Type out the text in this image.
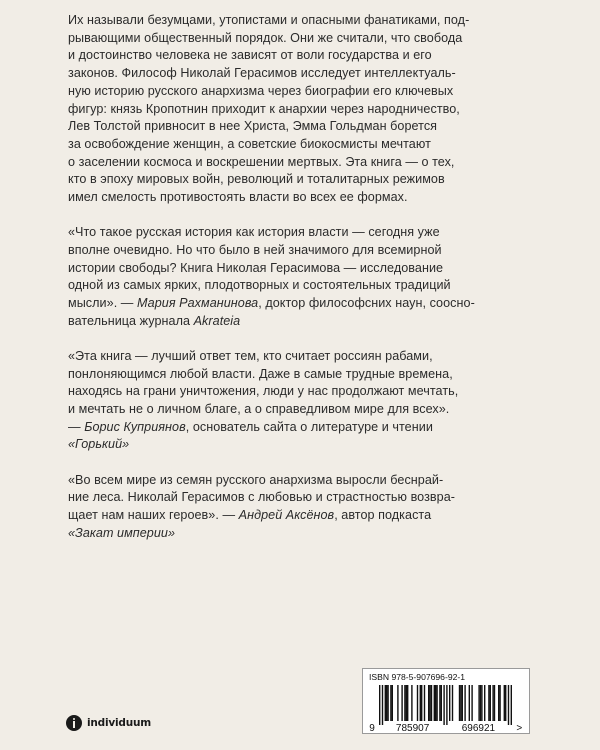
Их называли безумцами, утопистами и опасными фанатиками, под-
рывающими общественный порядок. Они же считали, что свобода
и достоинство человека не зависят от воли государства и его
законов. Философ Николай Герасимов исследует интеллектуаль-
ную историю русского анархизма через биографии его ключевых
фигур: князь Кропотнин приходит к анархии через народничество,
Лев Толстой привносит в нее Христа, Эмма Гольдман борется
за освобождение женщин, а советские биокосмисты мечтают
о заселении космоса и воскрешении мертвых. Эта книга — о тех,
кто в эпоху мировых войн, революций и тоталитарных режимов
имел смелость противостоять власти во всех ее формах.

«Что такое русская история как история власти — сегодня уже
вполне очевидно. Но что было в ней значимого для всемирной
истории свободы? Книга Николая Герасимова — исследование
одной из самых ярких, плодотворных и состоятельных традиций
мысли». — Мария Рахманинова, доктор философсних наун, соосно-
вательница журнала Akrateia

«Эта книга — лучший ответ тем, кто считает россиян рабами,
понлоняющимся любой власти. Даже в самые трудные времена,
находясь на грани уничтожения, люди у нас продолжают мечтать,
и мечтать не о личном благе, а о справедливом мире для всех».
— Борис Куприянов, основатель сайта о литературе и чтении
«Горький»

«Во всем мире из семян русского анархизма выросли беснрай-
ние леса. Николай Герасимов с любовью и страстностью возвра-
щает нам наших героев». — Андрей Аксёнов, автор подкаста
«Закат империи»

individuum
ISBN 978-5-907696-92-1
9 785907	696921 >
